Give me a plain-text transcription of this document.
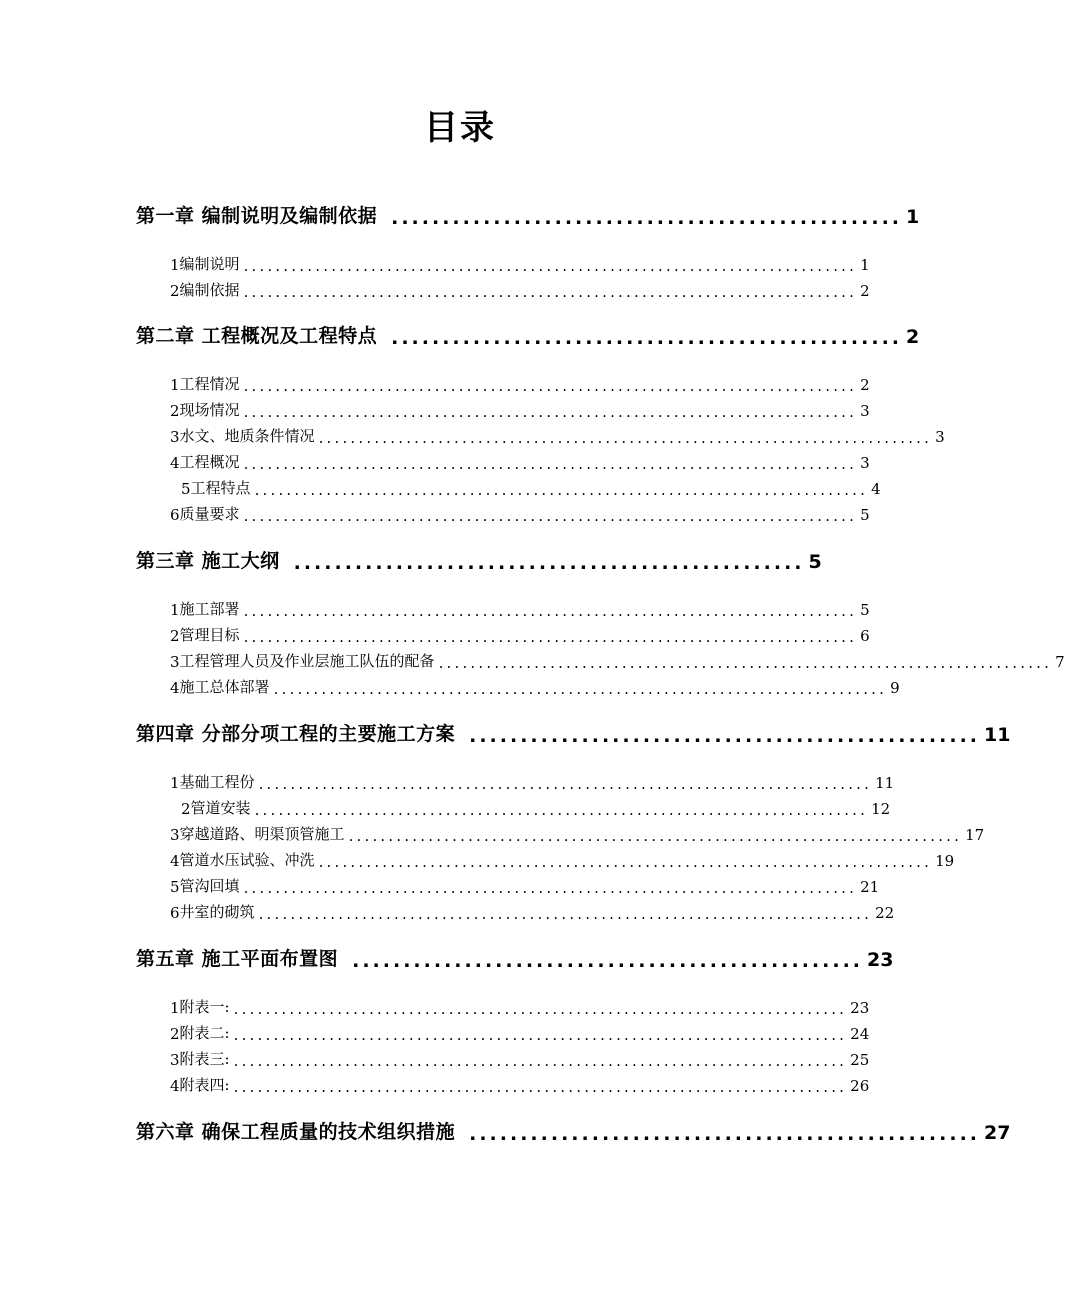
目录
第一章 编制说明及编制依据 .................................................. 1
1 编制说明 ............................................................................. 1
2 编制依据 ............................................................................. 2
第二章 工程概况及工程特点 .................................................. 2
1 工程情况 ............................................................................. 2
2 现场情况 ............................................................................. 3
3 水文、地质条件情况 ............................................................................. 3
4 工程概况 ............................................................................. 3
5 工程特点 ............................................................................. 4
6 质量要求 ............................................................................. 5
第三章 施工大纲 .................................................. 5
1 施工部署 ............................................................................. 5
2 管理目标 ............................................................................. 6
3 工程管理人员及作业层施工队伍的配备 ............................................................................. 7
4 施工总体部署 ............................................................................. 9
第四章 分部分项工程的主要施工方案 .................................................. 11
1 基础工程份 ............................................................................. 11
2 管道安装 ............................................................................. 12
3 穿越道路、明渠顶管施工 ............................................................................. 17
4 管道水压试验、冲洗 ............................................................................. 19
5 管沟回填 ............................................................................. 21
6 井室的砌筑 ............................................................................. 22
第五章 施工平面布置图 .................................................. 23
1 附表一: ............................................................................. 23
2 附表二: ............................................................................. 24
3 附表三: ............................................................................. 25
4 附表四: ............................................................................. 26
第六章 确保工程质量的技术组织措施 .................................................. 27
